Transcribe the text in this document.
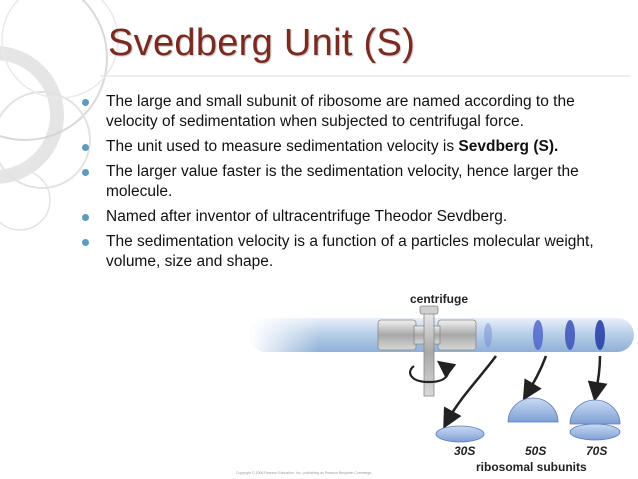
Svedberg Unit (S)
The large and small subunit of ribosome are named according to the velocity of sedimentation when subjected to centrifugal force.
The unit used to measure sedimentation velocity is Sevdberg (S).
The larger value faster is the sedimentation velocity, hence larger the molecule.
Named after inventor of ultracentrifuge Theodor Sevdberg.
The sedimentation velocity is a function of a particles molecular weight, volume, size and shape.
centrifuge
30S	50S	70S
ribosomal subunits
Copyright © 2006 Pearson Education, Inc., publishing as Pearson Benjamin Cummings.
